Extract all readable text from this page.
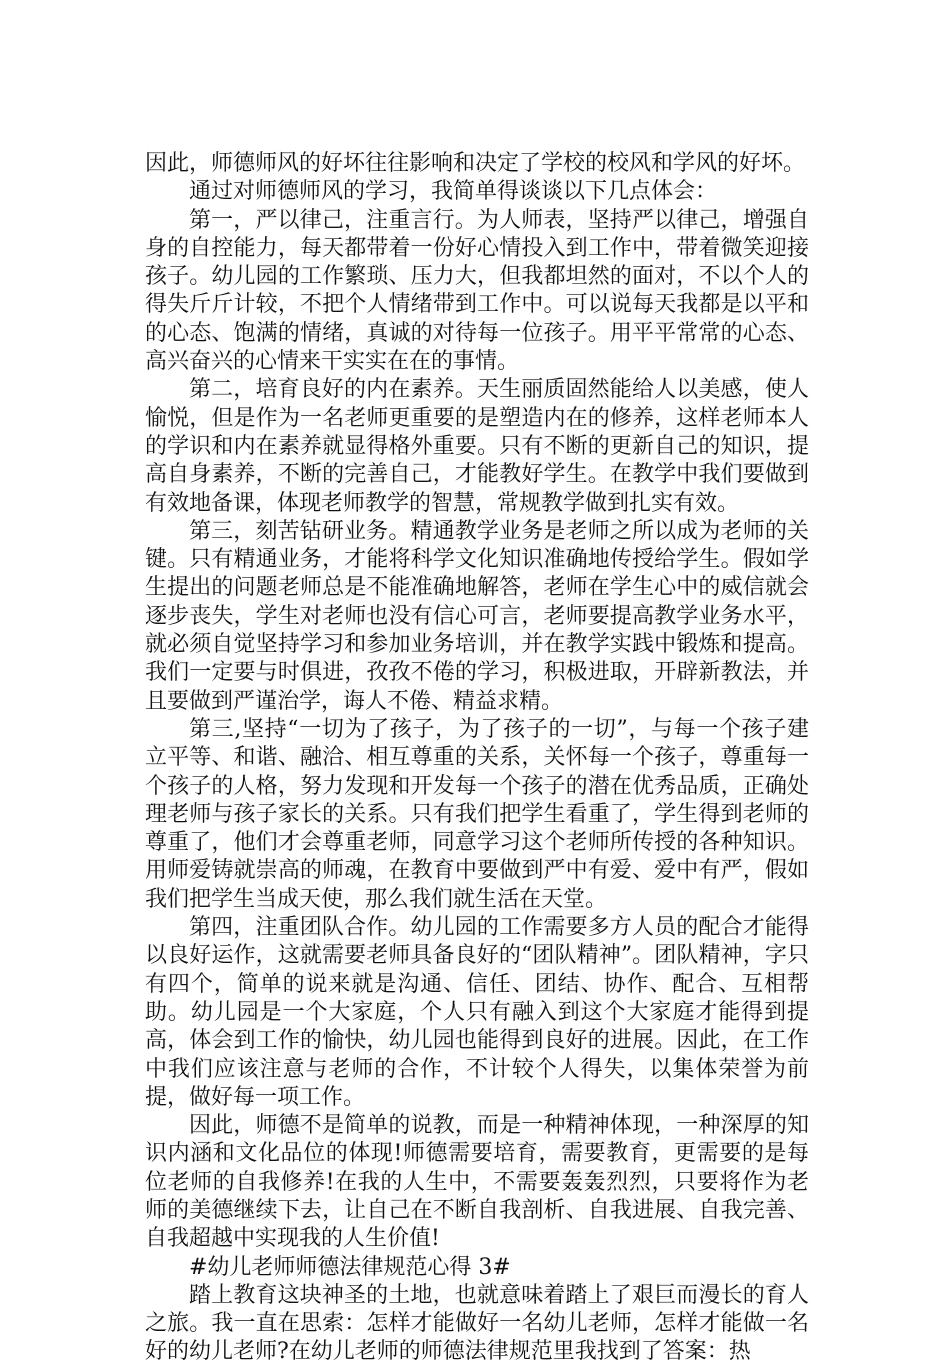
因此，师德师风的好坏往往影响和决定了学校的校风和学风的好坏。

通过对师德师风的学习，我简单得谈谈以下几点体会：

第一，严以律己，注重言行。为人师表，坚持严以律己，增强自身的自控能力，每天都带着一份好心情投入到工作中，带着微笑迎接孩子。幼儿园的工作繁琐、压力大，但我都坦然的面对，不以个人的得失斤斤计较，不把个人情绪带到工作中。可以说每天我都是以平和的心态、饱满的情绪，真诚的对待每一位孩子。用平平常常的心态、高兴奋兴的心情来干实实在在的事情。

第二，培育良好的内在素养。天生丽质固然能给人以美感，使人愉悦，但是作为一名老师更重要的是塑造内在的修养，这样老师本人的学识和内在素养就显得格外重要。只有不断的更新自己的知识，提高自身素养，不断的完善自己，才能教好学生。在教学中我们要做到有效地备课，体现老师教学的智慧，常规教学做到扎实有效。

第三，刻苦钻研业务。精通教学业务是老师之所以成为老师的关键。只有精通业务，才能将科学文化知识准确地传授给学生。假如学生提出的问题老师总是不能准确地解答，老师在学生心中的威信就会逐步丧失，学生对老师也没有信心可言，老师要提高教学业务水平，就必须自觉坚持学习和参加业务培训，并在教学实践中锻炼和提高。我们一定要与时俱进，孜孜不倦的学习，积极进取，开辟新教法，并且要做到严谨治学，诲人不倦、精益求精。

第三,坚持“一切为了孩子，为了孩子的一切”，与每一个孩子建立平等、和谐、融洽、相互尊重的关系，关怀每一个孩子，尊重每一个孩子的人格，努力发现和开发每一个孩子的潜在优秀品质，正确处理老师与孩子家长的关系。只有我们把学生看重了，学生得到老师的尊重了，他们才会尊重老师，同意学习这个老师所传授的各种知识。用师爱铸就崇高的师魂，在教育中要做到严中有爱、爱中有严，假如我们把学生当成天使，那么我们就生活在天堂。

第四，注重团队合作。幼儿园的工作需要多方人员的配合才能得以良好运作，这就需要老师具备良好的“团队精神”。团队精神，字只有四个，简单的说来就是沟通、信任、团结、协作、配合、互相帮助。幼儿园是一个大家庭，个人只有融入到这个大家庭才能得到提高，体会到工作的愉快，幼儿园也能得到良好的进展。因此，在工作中我们应该注意与老师的合作，不计较个人得失，以集体荣誉为前提，做好每一项工作。

因此，师德不是简单的说教，而是一种精神体现，一种深厚的知识内涵和文化品位的体现!师德需要培育，需要教育，更需要的是每位老师的自我修养!在我的人生中，不需要轰轰烈烈，只要将作为老师的美德继续下去，让自己在不断自我剖析、自我进展、自我完善、自我超越中实现我的人生价值!

#幼儿老师师德法律规范心得 3#

踏上教育这块神圣的土地，也就意味着踏上了艰巨而漫长的育人之旅。我一直在思索：怎样才能做好一名幼儿老师，怎样才能做一名好的幼儿老师?在幼儿老师的师德法律规范里我找到了答案：热
